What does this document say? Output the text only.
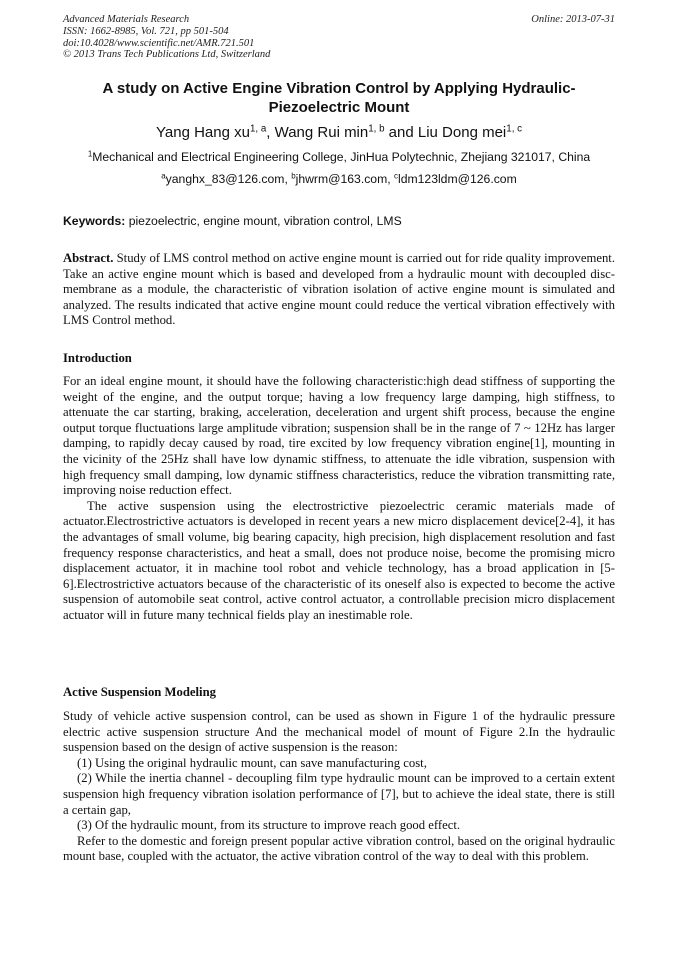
Advanced Materials Research
ISSN: 1662-8985, Vol. 721, pp 501-504
doi:10.4028/www.scientific.net/AMR.721.501
© 2013 Trans Tech Publications Ltd, Switzerland
Online: 2013-07-31
A study on Active Engine Vibration Control by Applying Hydraulic-
Piezoelectric Mount
Yang Hang xu$^{1, a}$, Wang Rui $\min^{1, b}$ and Liu Dong mei$^{1, c}$
$^1$Mechanical and Electrical Engineering College, JinHua Polytechnic, Zhejiang 321017, China
$^a$yanghx_83@126.com, $^b$jhwrm@163.com, $^c$ldm123ldm@126.com
Keywords: piezoelectric, engine mount, vibration control, LMS

Abstract. Study of LMS control method on active engine mount is carried out for ride quality improvement. Take an active engine mount which is based and developed from a hydraulic mount with decoupled disc-membrane as a module, the characteristic of vibration isolation of active engine mount is simulated and analyzed. The results indicated that active engine mount could reduce the vertical vibration effectively with LMS Control method.

Introduction

For an ideal engine mount, it should have the following characteristic:high dead stiffness of supporting the weight of the engine, and the output torque; having a low frequency large damping, high stiffness, to attenuate the car starting, braking, acceleration, deceleration and urgent shift process, because the engine output torque fluctuations large amplitude vibration; suspension shall be in the range of 7 ~ 12Hz has larger damping, to rapidly decay caused by road, tire excited by low frequency vibration engine[1], mounting in the vicinity of the 25Hz shall have low dynamic stiffness, to attenuate the idle vibration, suspension with high frequency small damping, low dynamic stiffness characteristics, reduce the vibration transmitting rate, improving noise reduction effect.

The active suspension using the electrostrictive piezoelectric ceramic materials made of actuator.Electrostrictive actuators is developed in recent years a new micro displacement device[2-4], it has the advantages of small volume, big bearing capacity, high precision, high displacement resolution and fast frequency response characteristics, and heat a small, does not produce noise, become the promising micro displacement actuator, it in machine tool robot and vehicle technology, has a broad application in [5-6].Electrostrictive actuators because of the characteristic of its oneself also is expected to become the active suspension of automobile seat control, active control actuator, a controllable precision micro displacement actuator will in future many technical fields play an inestimable role.

Active Suspension Modeling

Study of vehicle active suspension control, can be used as shown in Figure 1 of the hydraulic pressure electric active suspension structure And the mechanical model of mount of Figure 2.In the hydraulic suspension based on the design of active suspension is the reason:

(1) Using the original hydraulic mount, can save manufacturing cost,

(2) While the inertia channel - decoupling film type hydraulic mount can be improved to a certain extent suspension high frequency vibration isolation performance of [7], but to achieve the ideal state, there is still a certain gap,

(3) Of the hydraulic mount, from its structure to improve reach good effect.

Refer to the domestic and foreign present popular active vibration control, based on the original hydraulic mount base, coupled with the actuator, the active vibration control of the way to deal with this problem.
